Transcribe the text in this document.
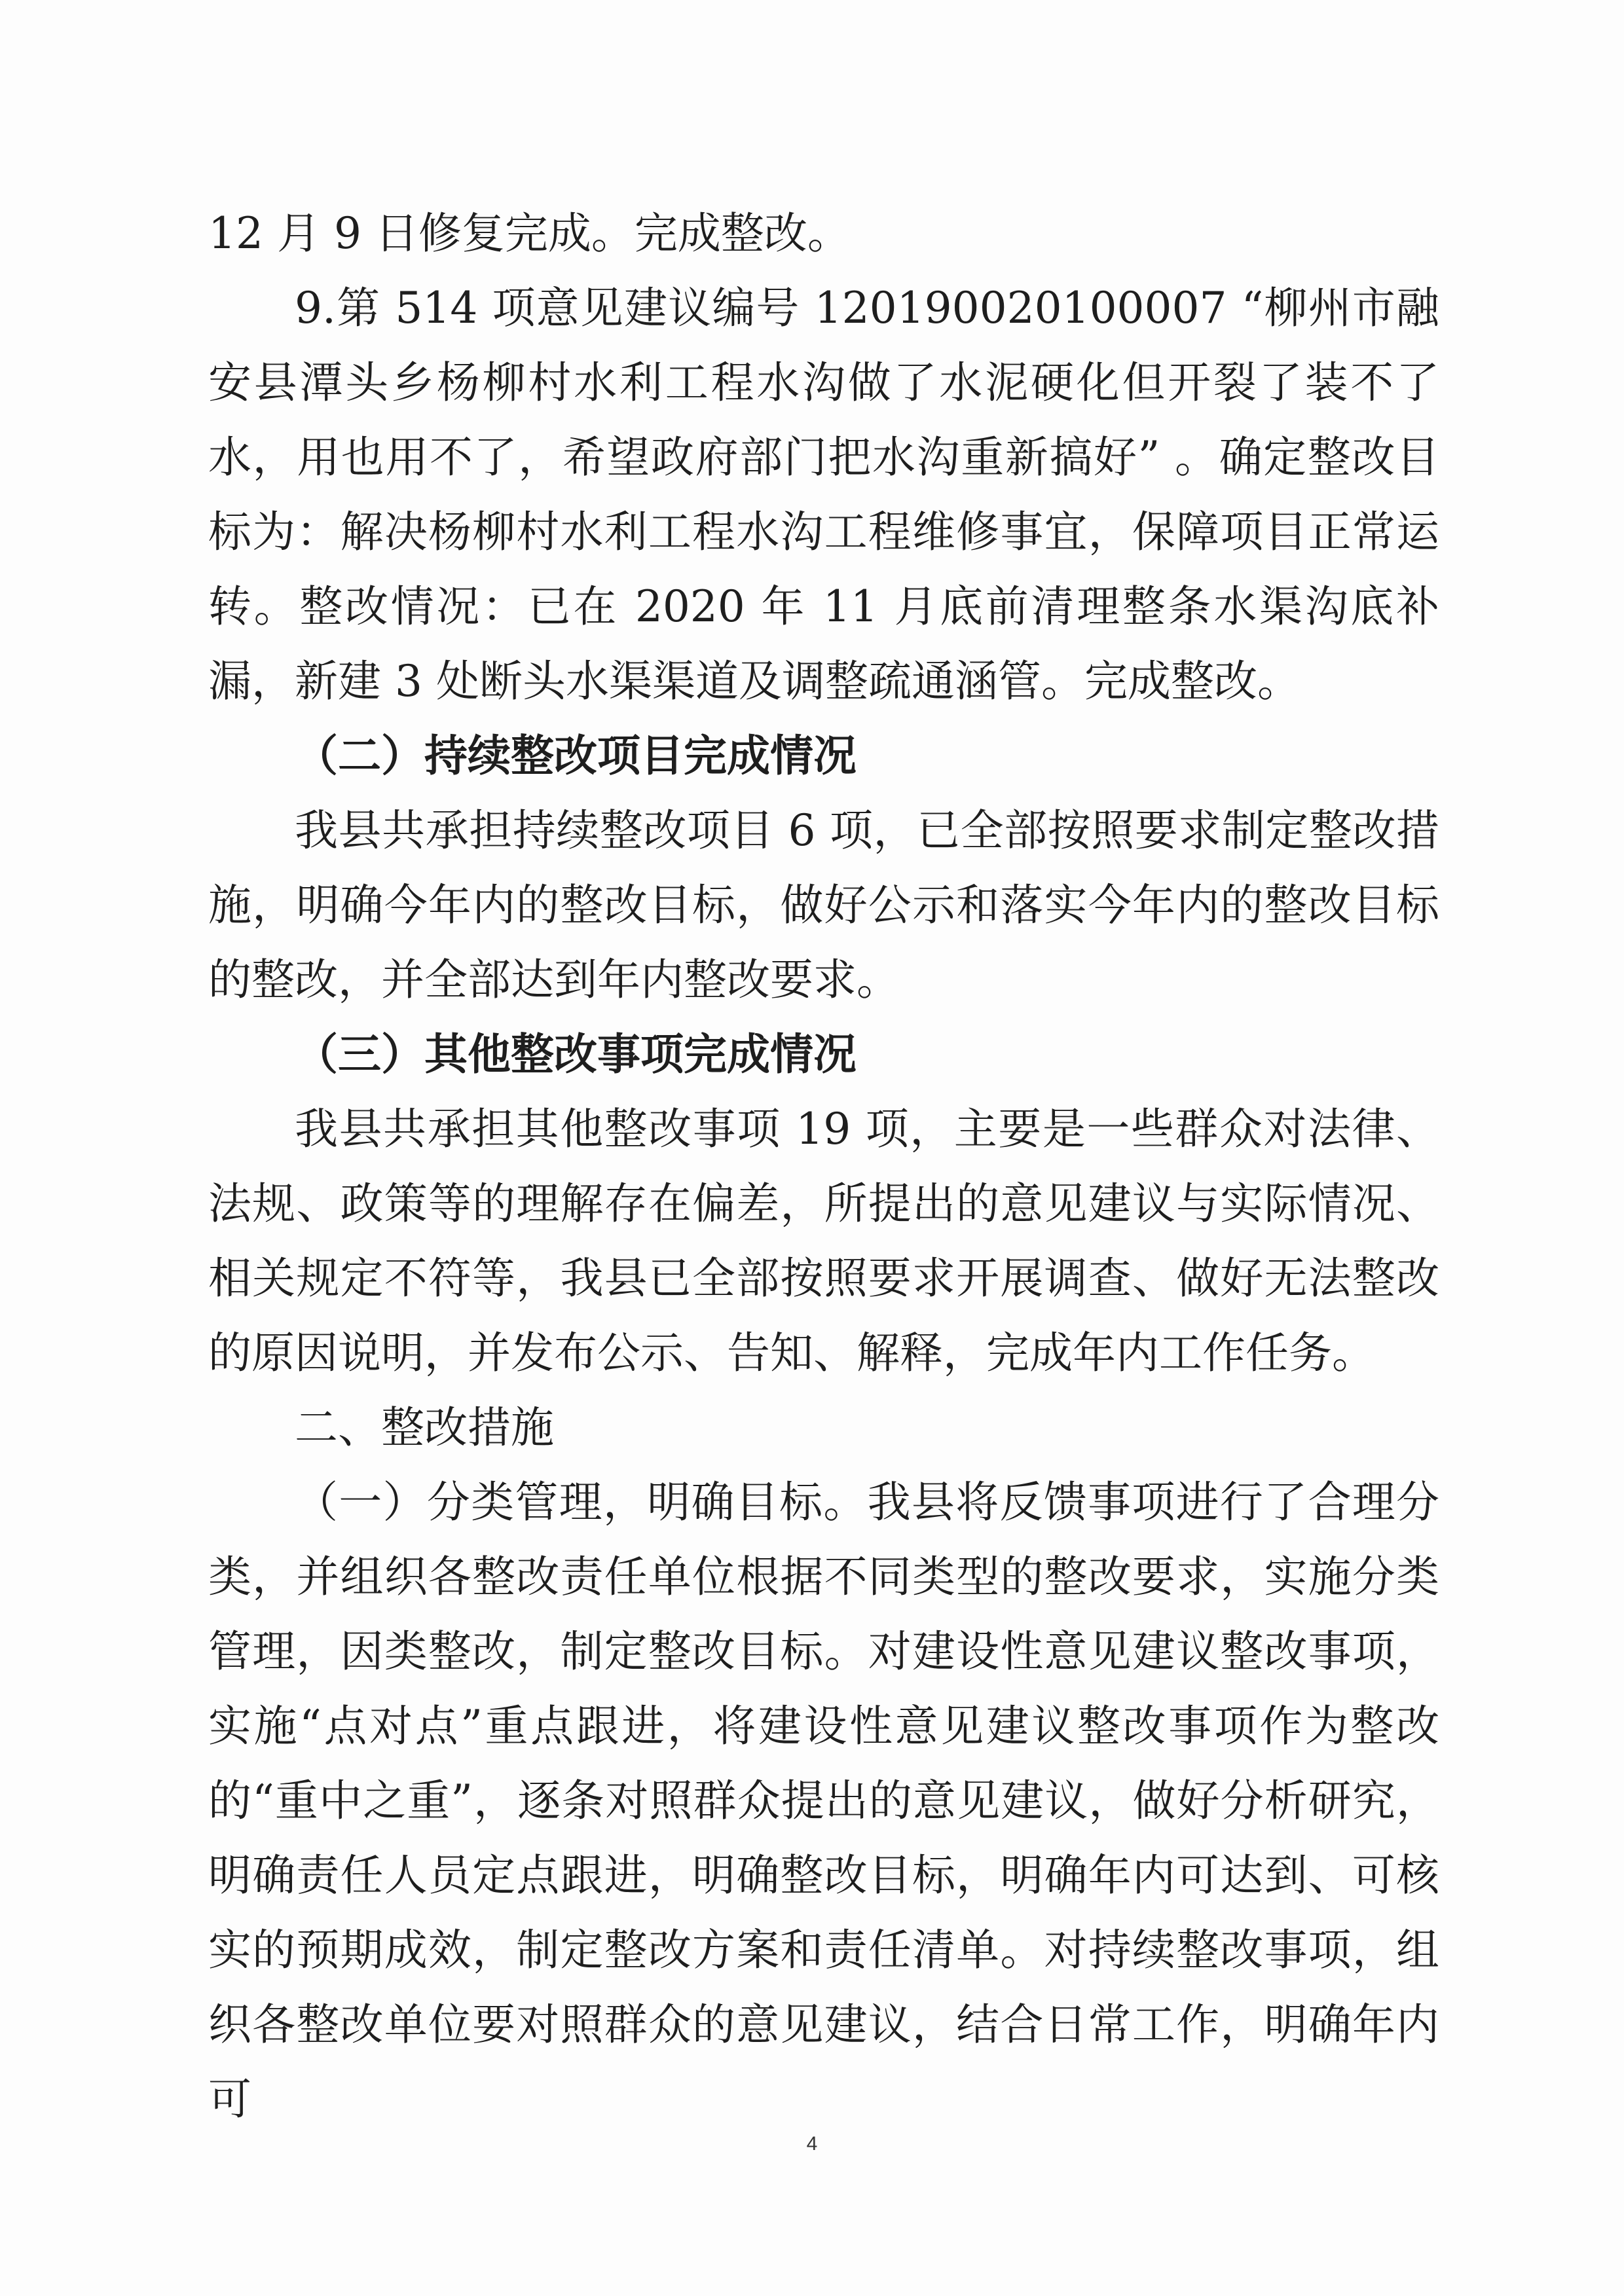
12 月 9 日修复完成。完成整改。

9.第 514 项意见建议编号 120190020100007 “柳州市融安县潭头乡杨柳村水利工程水沟做了水泥硬化但开裂了装不了水，用也用不了，希望政府部门把水沟重新搞好” 。确定整改目标为：解决杨柳村水利工程水沟工程维修事宜，保障项目正常运转。整改情况：已在 2020 年 11 月底前清理整条水渠沟底补漏，新建 3 处断头水渠渠道及调整疏通涵管。完成整改。

（二）持续整改项目完成情况

我县共承担持续整改项目 6 项，已全部按照要求制定整改措施，明确今年内的整改目标，做好公示和落实今年内的整改目标的整改，并全部达到年内整改要求。

（三）其他整改事项完成情况

我县共承担其他整改事项 19 项，主要是一些群众对法律、法规、政策等的理解存在偏差，所提出的意见建议与实际情况、相关规定不符等，我县已全部按照要求开展调查、做好无法整改的原因说明，并发布公示、告知、解释，完成年内工作任务。

二、整改措施

（一）分类管理，明确目标。我县将反馈事项进行了合理分类，并组织各整改责任单位根据不同类型的整改要求，实施分类管理，因类整改，制定整改目标。对建设性意见建议整改事项，实施“点对点”重点跟进，将建设性意见建议整改事项作为整改的“重中之重”，逐条对照群众提出的意见建议，做好分析研究，明确责任人员定点跟进，明确整改目标，明确年内可达到、可核实的预期成效，制定整改方案和责任清单。对持续整改事项，组织各整改单位要对照群众的意见建议，结合日常工作，明确年内可

4
